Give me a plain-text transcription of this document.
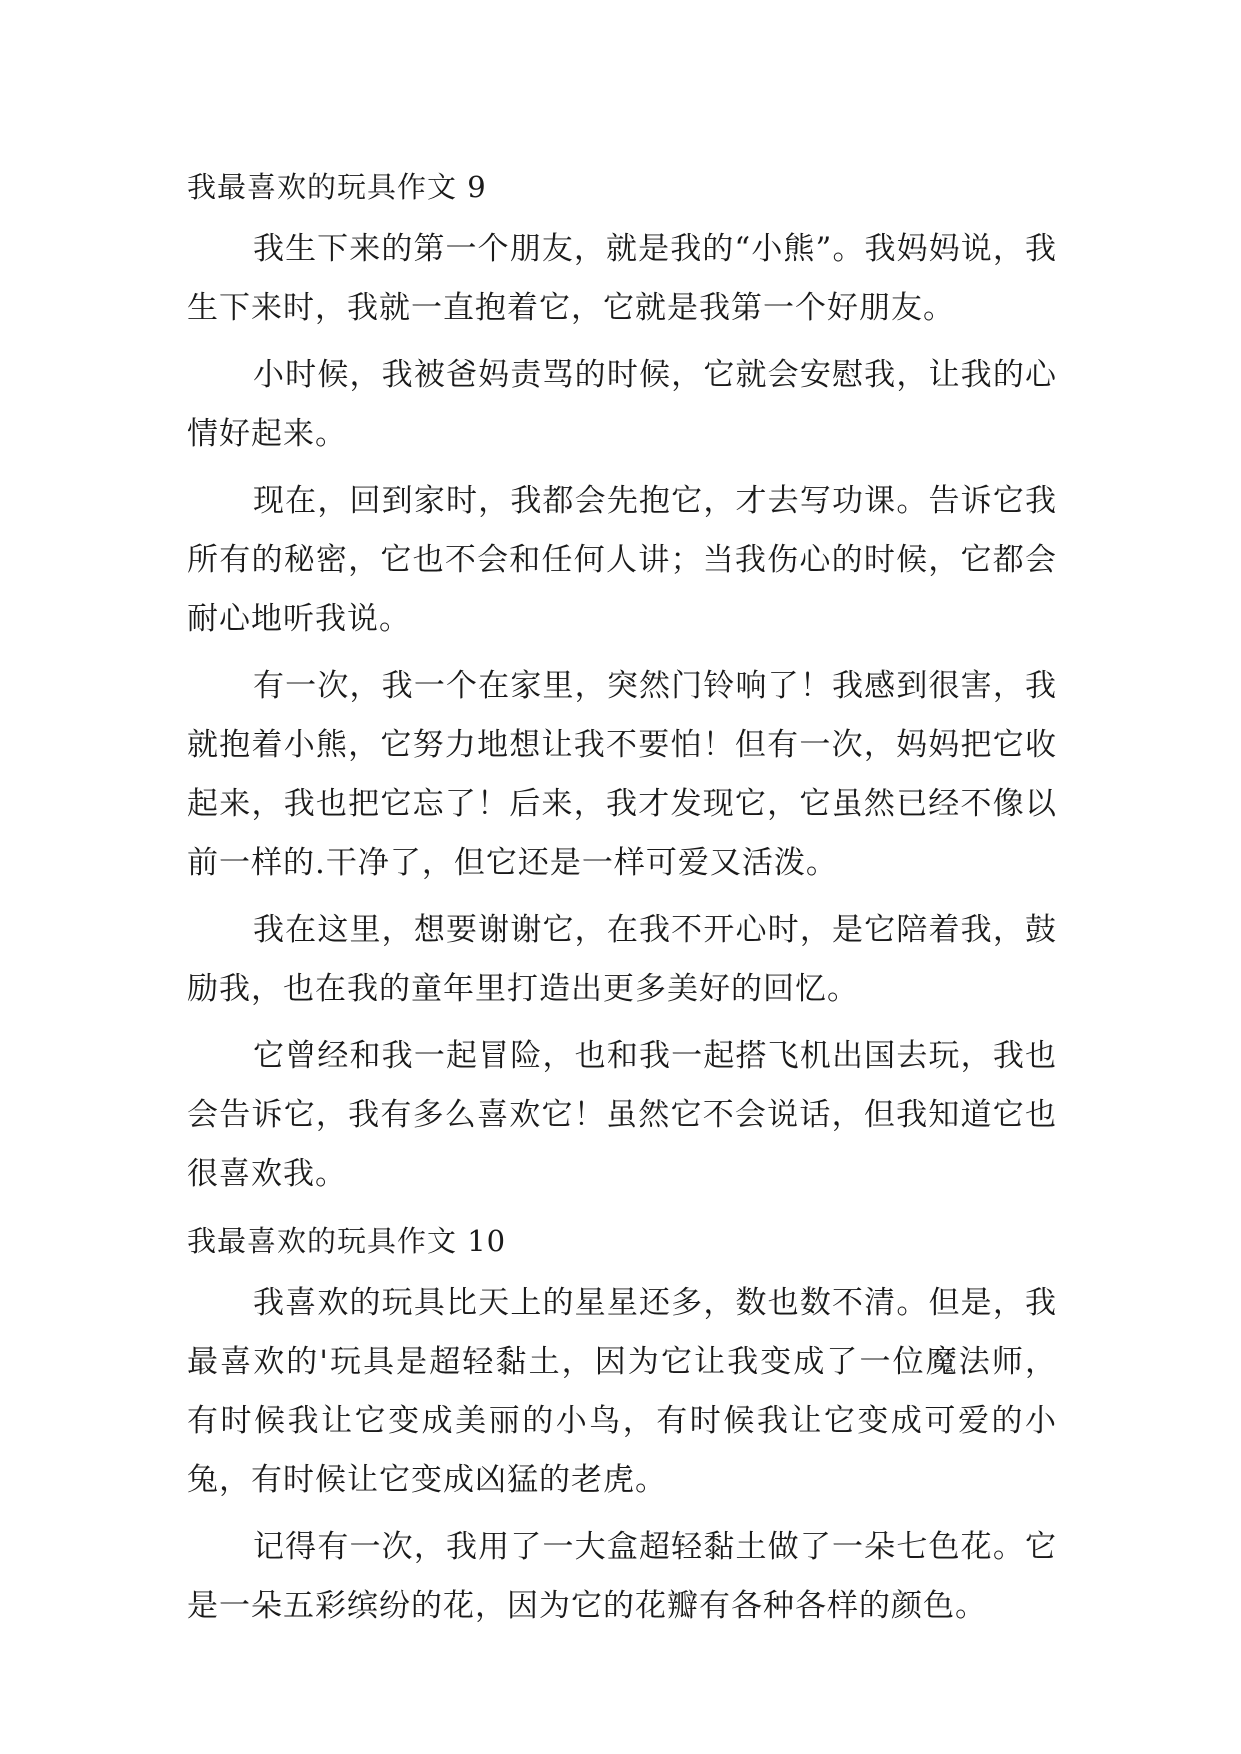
我最喜欢的玩具作文 9

我生下来的第一个朋友，就是我的“小熊”。我妈妈说，我生下来时，我就一直抱着它，它就是我第一个好朋友。

小时候，我被爸妈责骂的时候，它就会安慰我，让我的心情好起来。

现在，回到家时，我都会先抱它，才去写功课。告诉它我所有的秘密，它也不会和任何人讲；当我伤心的时候，它都会耐心地听我说。

有一次，我一个在家里，突然门铃响了！我感到很害，我就抱着小熊，它努力地想让我不要怕！但有一次，妈妈把它收起来，我也把它忘了！后来，我才发现它，它虽然已经不像以前一样的.干净了，但它还是一样可爱又活泼。

我在这里，想要谢谢它，在我不开心时，是它陪着我，鼓励我，也在我的童年里打造出更多美好的回忆。

它曾经和我一起冒险，也和我一起搭飞机出国去玩，我也会告诉它，我有多么喜欢它！虽然它不会说话，但我知道它也很喜欢我。

我最喜欢的玩具作文 10

我喜欢的玩具比天上的星星还多，数也数不清。但是，我最喜欢的'玩具是超轻黏土，因为它让我变成了一位魔法师，有时候我让它变成美丽的小鸟，有时候我让它变成可爱的小兔，有时候让它变成凶猛的老虎。

记得有一次，我用了一大盒超轻黏土做了一朵七色花。它是一朵五彩缤纷的花，因为它的花瓣有各种各样的颜色。
